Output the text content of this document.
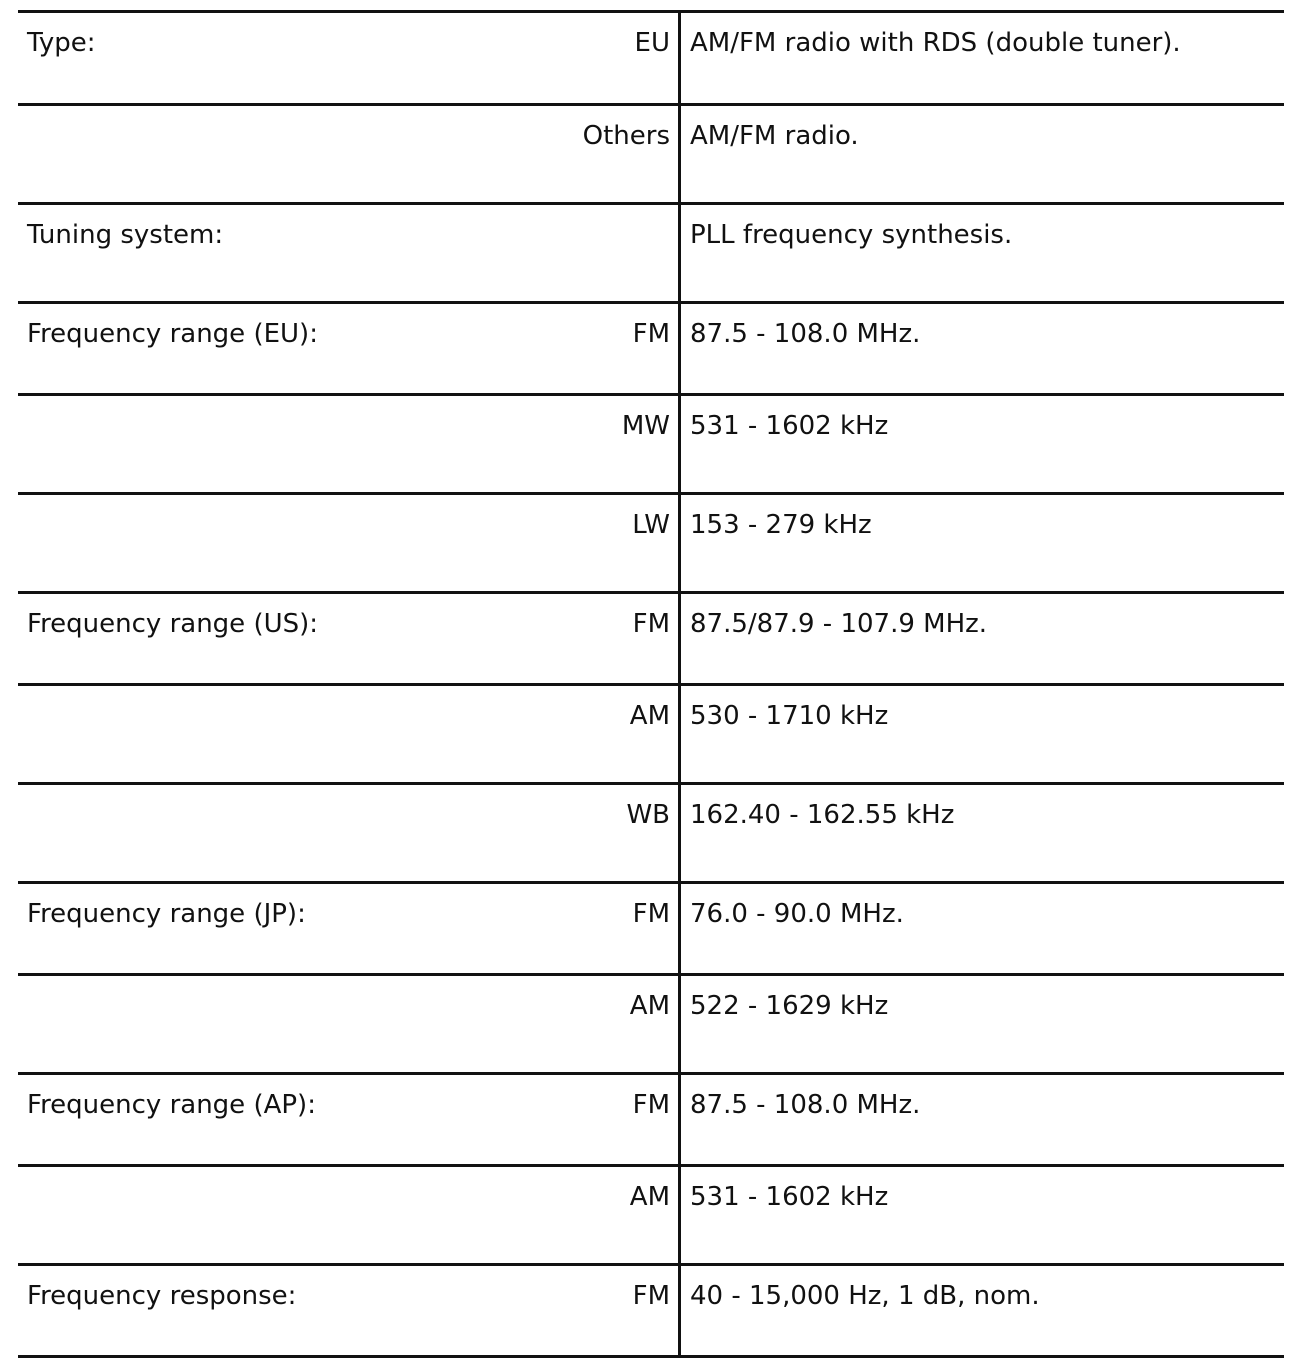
Type:	EU AM/FM radio with RDS (double tuner).
Others AM/FM radio.
Tuning system:	PLL frequency synthesis.
Frequency range (EU):	FM 87.5 - 108.0 MHz.
MW 531 - 1602 kHz
LW 153 - 279 kHz
Frequency range (US):	FM 87.5/87.9 - 107.9 MHz.
AM 530 - 1710 kHz
WB 162.40 - 162.55 kHz
Frequency range (JP):	FM 76.0 - 90.0 MHz.
AM 522 - 1629 kHz
Frequency range (AP):	FM 87.5 - 108.0 MHz.
AM 531 - 1602 kHz
Frequency response:	FM 40 - 15,000 Hz, 1 dB, nom.
